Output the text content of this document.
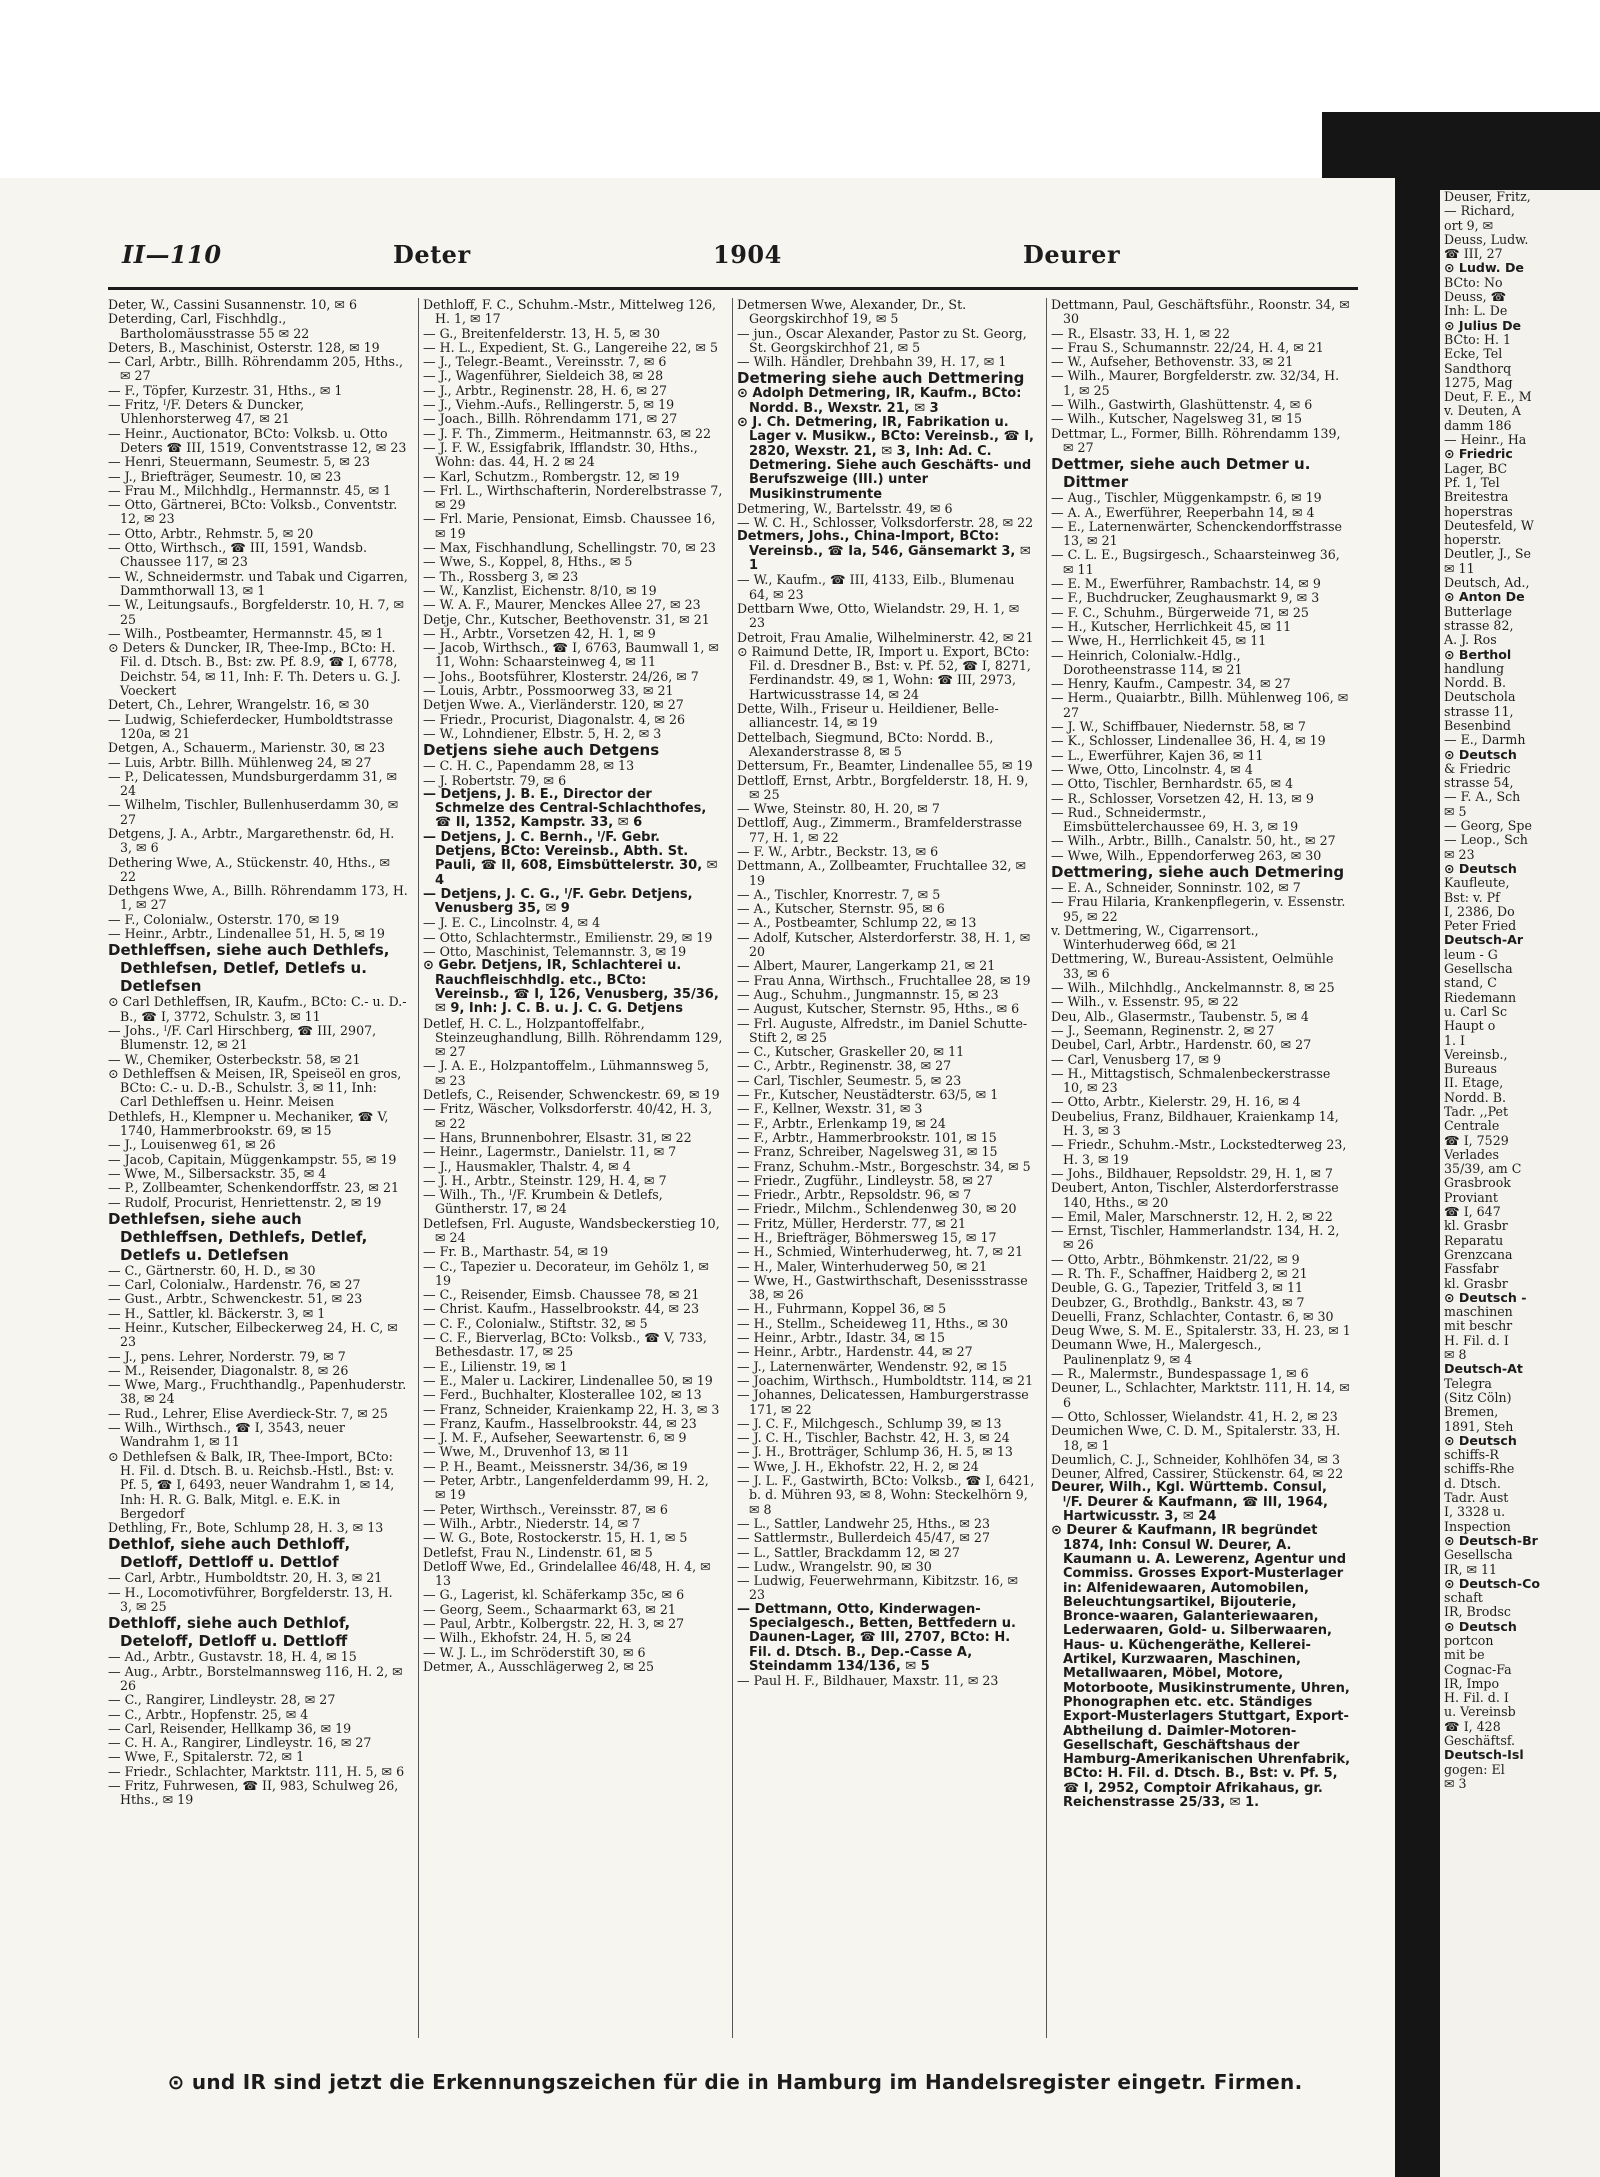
II—110	Deter	1904	Deurer

Deter, W., Cassini Susannenstr. 10, ✉ 6

Deterding, Carl, Fischhdlg., Bartholomäusstrasse 55 ✉ 22

Deters, B., Maschinist, Osterstr. 128, ✉ 19

— Carl, Arbtr., Billh. Röhrendamm 205, Hths., ✉ 27

— F., Töpfer, Kurzestr. 31, Hths., ✉ 1

— Fritz, ᴵ/F. Deters & Duncker, Uhlenhorsterweg 47, ✉ 21

— Heinr., Auctionator, BCto: Volksb. u. Otto Deters ☎ III, 1519, Conventstrasse 12, ✉ 23

— Henri, Steuermann, Seumestr. 5, ✉ 23

— J., Briefträger, Seumestr. 10, ✉ 23

— Frau M., Milchhdlg., Hermannstr. 45, ✉ 1

— Otto, Gärtnerei, BCto: Volksb., Conventstr. 12, ✉ 23

— Otto, Arbtr., Rehmstr. 5, ✉ 20

— Otto, Wirthsch., ☎ III, 1591, Wandsb. Chaussee 117, ✉ 23

— W., Schneidermstr. und Tabak und Cigarren, Dammthorwall 13, ✉ 1

— W., Leitungsaufs., Borgfelderstr. 10, H. 7, ✉ 25

— Wilh., Postbeamter, Hermannstr. 45, ✉ 1

⊙ Deters & Duncker, IR, Thee-Imp., BCto: H. Fil. d. Dtsch. B., Bst: zw. Pf. 8.9, ☎ I, 6778, Deichstr. 54, ✉ 11, Inh: F. Th. Deters u. G. J. Voeckert

Detert, Ch., Lehrer, Wrangelstr. 16, ✉ 30

— Ludwig, Schieferdecker, Humboldtstrasse 120a, ✉ 21

Detgen, A., Schauerm., Marienstr. 30, ✉ 23

— Luis, Arbtr. Billh. Mühlenweg 24, ✉ 27

— P., Delicatessen, Mundsburgerdamm 31, ✉ 24

— Wilhelm, Tischler, Bullenhuserdamm 30, ✉ 27

Detgens, J. A., Arbtr., Margarethenstr. 6d, H. 3, ✉ 6

Dethering Wwe, A., Stückenstr. 40, Hths., ✉ 22

Dethgens Wwe, A., Billh. Röhrendamm 173, H. 1, ✉ 27

— F., Colonialw., Osterstr. 170, ✉ 19

— Heinr., Arbtr., Lindenallee 51, H. 5, ✉ 19

Dethleffsen, siehe auch Dethlefs, Dethlefsen, Detlef, Detlefs u. Detlefsen

⊙ Carl Dethleffsen, IR, Kaufm., BCto: C.- u. D.-B., ☎ I, 3772, Schulstr. 3, ✉ 11

— Johs., ᴵ/F. Carl Hirschberg, ☎ III, 2907, Blumenstr. 12, ✉ 21

— W., Chemiker, Osterbeckstr. 58, ✉ 21

⊙ Dethleffsen & Meisen, IR, Speiseöl en gros, BCto: C.- u. D.-B., Schulstr. 3, ✉ 11, Inh: Carl Dethleffsen u. Heinr. Meisen

Dethlefs, H., Klempner u. Mechaniker, ☎ V, 1740, Hammerbrookstr. 69, ✉ 15

— J., Louisenweg 61, ✉ 26

— Jacob, Capitain, Müggenkampstr. 55, ✉ 19

— Wwe, M., Silbersackstr. 35, ✉ 4

— P., Zollbeamter, Schenkendorffstr. 23, ✉ 21

— Rudolf, Procurist, Henriettenstr. 2, ✉ 19

Dethlefsen, siehe auch Dethleffsen, Dethlefs, Detlef, Detlefs u. Detlefsen

— C., Gärtnerstr. 60, H. D., ✉ 30

— Carl, Colonialw., Hardenstr. 76, ✉ 27

— Gust., Arbtr., Schwenckestr. 51, ✉ 23

— H., Sattler, kl. Bäckerstr. 3, ✉ 1

— Heinr., Kutscher, Eilbeckerweg 24, H. C, ✉ 23

— J., pens. Lehrer, Norderstr. 79, ✉ 7

— M., Reisender, Diagonalstr. 8, ✉ 26

— Wwe, Marg., Fruchthandlg., Papenhuderstr. 38, ✉ 24

— Rud., Lehrer, Elise Averdieck-Str. 7, ✉ 25

— Wilh., Wirthsch., ☎ I, 3543, neuer Wandrahm 1, ✉ 11

⊙ Dethlefsen & Balk, IR, Thee-Import, BCto: H. Fil. d. Dtsch. B. u. Reichsb.-Hstl., Bst: v. Pf. 5, ☎ I, 6493, neuer Wandrahm 1, ✉ 14, Inh: H. R. G. Balk, Mitgl. e. E.K. in Bergedorf

Dethling, Fr., Bote, Schlump 28, H. 3, ✉ 13

Dethlof, siehe auch Dethloff, Detloff, Dettloff u. Dettlof

— Carl, Arbtr., Humboldtstr. 20, H. 3, ✉ 21

— H., Locomotivführer, Borgfelderstr. 13, H. 3, ✉ 25

Dethloff, siehe auch Dethlof, Deteloff, Detloff u. Dettloff

— Ad., Arbtr., Gustavstr. 18, H. 4, ✉ 15

— Aug., Arbtr., Borstelmannsweg 116, H. 2, ✉ 26

— C., Rangirer, Lindleystr. 28, ✉ 27

— C., Arbtr., Hopfenstr. 25, ✉ 4

— Carl, Reisender, Hellkamp 36, ✉ 19

— C. H. A., Rangirer, Lindleystr. 16, ✉ 27

— Wwe, F., Spitalerstr. 72, ✉ 1

— Friedr., Schlachter, Marktstr. 111, H. 5, ✉ 6

— Fritz, Fuhrwesen, ☎ II, 983, Schulweg 26, Hths., ✉ 19

Dethloff, F. C., Schuhm.-Mstr., Mittelweg 126, H. 1, ✉ 17

— G., Breitenfelderstr. 13, H. 5, ✉ 30

— H. L., Expedient, St. G., Langereihe 22, ✉ 5

— J., Telegr.-Beamt., Vereinsstr. 7, ✉ 6

— J., Wagenführer, Sieldeich 38, ✉ 28

— J., Arbtr., Reginenstr. 28, H. 6, ✉ 27

— J., Viehm.-Aufs., Rellingerstr. 5, ✉ 19

— Joach., Billh. Röhrendamm 171, ✉ 27

— J. F. Th., Zimmerm., Heitmannstr. 63, ✉ 22

— J. F. W., Essigfabrik, Ifflandstr. 30, Hths., Wohn: das. 44, H. 2 ✉ 24

— Karl, Schutzm., Rombergstr. 12, ✉ 19

— Frl. L., Wirthschafterin, Norderelbstrasse 7, ✉ 29

— Frl. Marie, Pensionat, Eimsb. Chaussee 16, ✉ 19

— Max, Fischhandlung, Schellingstr. 70, ✉ 23

— Wwe, S., Koppel, 8, Hths., ✉ 5

— Th., Rossberg 3, ✉ 23

— W., Kanzlist, Eichenstr. 8/10, ✉ 19

— W. A. F., Maurer, Menckes Allee 27, ✉ 23

Detje, Chr., Kutscher, Beethovenstr. 31, ✉ 21

— H., Arbtr., Vorsetzen 42, H. 1, ✉ 9

— Jacob, Wirthsch., ☎ I, 6763, Baumwall 1, ✉ 11, Wohn: Schaarsteinweg 4, ✉ 11

— Johs., Bootsführer, Klosterstr. 24/26, ✉ 7

— Louis, Arbtr., Possmoorweg 33, ✉ 21

Detjen Wwe. A., Vierländerstr. 120, ✉ 27

— Friedr., Procurist, Diagonalstr. 4, ✉ 26

— W., Lohndiener, Elbstr. 5, H. 2, ✉ 3

Detjens siehe auch Detgens

— C. H. C., Papendamm 28, ✉ 13

— J. Robertstr. 79, ✉ 6

— Detjens, J. B. E., Director der Schmelze des Central-Schlachthofes, ☎ II, 1352, Kampstr. 33, ✉ 6

— Detjens, J. C. Bernh., ᴵ/F. Gebr. Detjens, BCto: Vereinsb., Abth. St. Pauli, ☎ II, 608, Eimsbüttelerstr. 30, ✉ 4

— Detjens, J. C. G., ᴵ/F. Gebr. Detjens, Venusberg 35, ✉ 9

— J. E. C., Lincolnstr. 4, ✉ 4

— Otto, Schlachtermstr., Emilienstr. 29, ✉ 19

— Otto, Maschinist, Telemannstr. 3, ✉ 19

⊙ Gebr. Detjens, IR, Schlachterei u. Rauchfleischhdlg. etc., BCto: Vereinsb., ☎ I, 126, Venusberg, 35/36, ✉ 9, Inh: J. C. B. u. J. C. G. Detjens

Detlef, H. C. L., Holzpantoffelfabr., Steinzeughandlung, Billh. Röhrendamm 129, ✉ 27

— J. A. E., Holzpantoffelm., Lühmannsweg 5, ✉ 23

Detlefs, C., Reisender, Schwenckestr. 69, ✉ 19

— Fritz, Wäscher, Volksdorferstr. 40/42, H. 3, ✉ 22

— Hans, Brunnenbohrer, Elsastr. 31, ✉ 22

— Heinr., Lagermstr., Danielstr. 11, ✉ 7

— J., Hausmakler, Thalstr. 4, ✉ 4

— J. H., Arbtr., Steinstr. 129, H. 4, ✉ 7

— Wilh., Th., ᴵ/F. Krumbein & Detlefs, Güntherstr. 17, ✉ 24

Detlefsen, Frl. Auguste, Wandsbeckerstieg 10, ✉ 24

— Fr. B., Marthastr. 54, ✉ 19

— C., Tapezier u. Decorateur, im Gehölz 1, ✉ 19

— C., Reisender, Eimsb. Chaussee 78, ✉ 21

— Christ. Kaufm., Hasselbrookstr. 44, ✉ 23

— C. F., Colonialw., Stiftstr. 32, ✉ 5

— C. F., Bierverlag, BCto: Volksb., ☎ V, 733, Bethesdastr. 17, ✉ 25

— E., Lilienstr. 19, ✉ 1

— E., Maler u. Lackirer, Lindenallee 50, ✉ 19

— Ferd., Buchhalter, Klosterallee 102, ✉ 13

— Franz, Schneider, Kraienkamp 22, H. 3, ✉ 3

— Franz, Kaufm., Hasselbrookstr. 44, ✉ 23

— J. M. F., Aufseher, Seewartenstr. 6, ✉ 9

— Wwe, M., Druvenhof 13, ✉ 11

— P. H., Beamt., Meissnerstr. 34/36, ✉ 19

— Peter, Arbtr., Langenfelderdamm 99, H. 2, ✉ 19

— Peter, Wirthsch., Vereinsstr. 87, ✉ 6

— Wilh., Arbtr., Niederstr. 14, ✉ 7

— W. G., Bote, Rostockerstr. 15, H. 1, ✉ 5

Detlefst, Frau N., Lindenstr. 61, ✉ 5

Detloff Wwe, Ed., Grindelallee 46/48, H. 4, ✉ 13

— G., Lagerist, kl. Schäferkamp 35c, ✉ 6

— Georg, Seem., Schaarmarkt 63, ✉ 21

— Paul, Arbtr., Kolbergstr. 22, H. 3, ✉ 27

— Wilh., Ekhofstr. 24, H. 5, ✉ 24

— W. J. L., im Schröderstift 30, ✉ 6

Detmer, A., Ausschlägerweg 2, ✉ 25

Detmersen Wwe, Alexander, Dr., St. Georgskirchhof 19, ✉ 5

— jun., Oscar Alexander, Pastor zu St. Georg, St. Georgskirchhof 21, ✉ 5

— Wilh. Händler, Drehbahn 39, H. 17, ✉ 1

Detmering siehe auch Dettmering

⊙ Adolph Detmering, IR, Kaufm., BCto: Nordd. B., Wexstr. 21, ✉ 3

⊙ J. Ch. Detmering, IR, Fabrikation u. Lager v. Musikw., BCto: Vereinsb., ☎ I, 2820, Wexstr. 21, ✉ 3, Inh: Ad. C. Detmering. Siehe auch Geschäfts- und Berufszweige (III.) unter Musikinstrumente

Detmering, W., Bartelsstr. 49, ✉ 6

— W. C. H., Schlosser, Volksdorferstr. 28, ✉ 22

Detmers, Johs., China-Import, BCto: Vereinsb., ☎ Ia, 546, Gänsemarkt 3, ✉ 1

— W., Kaufm., ☎ III, 4133, Eilb., Blumenau 64, ✉ 23

Dettbarn Wwe, Otto, Wielandstr. 29, H. 1, ✉ 23

Detroit, Frau Amalie, Wilhelminerstr. 42, ✉ 21

⊙ Raimund Dette, IR, Import u. Export, BCto: Fil. d. Dresdner B., Bst: v. Pf. 52, ☎ I, 8271, Ferdinandstr. 49, ✉ 1, Wohn: ☎ III, 2973, Hartwicusstrasse 14, ✉ 24

Dette, Wilh., Friseur u. Heildiener, Belle-alliancestr. 14, ✉ 19

Dettelbach, Siegmund, BCto: Nordd. B., Alexanderstrasse 8, ✉ 5

Dettersum, Fr., Beamter, Lindenallee 55, ✉ 19

Dettloff, Ernst, Arbtr., Borgfelderstr. 18, H. 9, ✉ 25

— Wwe, Steinstr. 80, H. 20, ✉ 7

Dettloff, Aug., Zimmerm., Bramfelderstrasse 77, H. 1, ✉ 22

— F. W., Arbtr., Beckstr. 13, ✉ 6

Dettmann, A., Zollbeamter, Fruchtallee 32, ✉ 19

— A., Tischler, Knorrestr. 7, ✉ 5

— A., Kutscher, Sternstr. 95, ✉ 6

— A., Postbeamter, Schlump 22, ✉ 13

— Adolf, Kutscher, Alsterdorferstr. 38, H. 1, ✉ 20

— Albert, Maurer, Langerkamp 21, ✉ 21

— Frau Anna, Wirthsch., Fruchtallee 28, ✉ 19

— Aug., Schuhm., Jungmannstr. 15, ✉ 23

— August, Kutscher, Sternstr. 95, Hths., ✉ 6

— Frl. Auguste, Alfredstr., im Daniel Schutte-Stift 2, ✉ 25

— C., Kutscher, Graskeller 20, ✉ 11

— C., Arbtr., Reginenstr. 38, ✉ 27

— Carl, Tischler, Seumestr. 5, ✉ 23

— Fr., Kutscher, Neustädterstr. 63/5, ✉ 1

— F., Kellner, Wexstr. 31, ✉ 3

— F., Arbtr., Erlenkamp 19, ✉ 24

— F., Arbtr., Hammerbrookstr. 101, ✉ 15

— Franz, Schreiber, Nagelsweg 31, ✉ 15

— Franz, Schuhm.-Mstr., Borgeschstr. 34, ✉ 5

— Friedr., Zugführ., Lindleystr. 58, ✉ 27

— Friedr., Arbtr., Repsoldstr. 96, ✉ 7

— Friedr., Milchm., Schlendenweg 30, ✉ 20

— Fritz, Müller, Herderstr. 77, ✉ 21

— H., Briefträger, Böhmersweg 15, ✉ 17

— H., Schmied, Winterhuderweg, ht. 7, ✉ 21

— H., Maler, Winterhuderweg 50, ✉ 21

— Wwe, H., Gastwirthschaft, Desenissstrasse 38, ✉ 26

— H., Fuhrmann, Koppel 36, ✉ 5

— H., Stellm., Scheideweg 11, Hths., ✉ 30

— Heinr., Arbtr., Idastr. 34, ✉ 15

— Heinr., Arbtr., Hardenstr. 44, ✉ 27

— J., Laternenwärter, Wendenstr. 92, ✉ 15

— Joachim, Wirthsch., Humboldtstr. 114, ✉ 21

— Johannes, Delicatessen, Hamburgerstrasse 171, ✉ 22

— J. C. F., Milchgesch., Schlump 39, ✉ 13

— J. C. H., Tischler, Bachstr. 42, H. 3, ✉ 24

— J. H., Brotträger, Schlump 36, H. 5, ✉ 13

— Wwe, J. H., Ekhofstr. 22, H. 2, ✉ 24

— J. L. F., Gastwirth, BCto: Volksb., ☎ I, 6421, b. d. Mühren 93, ✉ 8, Wohn: Steckelhörn 9, ✉ 8

— L., Sattler, Landwehr 25, Hths., ✉ 23

— Sattlermstr., Bullerdeich 45/47, ✉ 27

— L., Sattler, Brackdamm 12, ✉ 27

— Ludw., Wrangelstr. 90, ✉ 30

— Ludwig, Feuerwehrmann, Kibitzstr. 16, ✉ 23

— Dettmann, Otto, Kinderwagen-Specialgesch., Betten, Bettfedern u. Daunen-Lager, ☎ III, 2707, BCto: H. Fil. d. Dtsch. B., Dep.-Casse A, Steindamm 134/136, ✉ 5

— Paul H. F., Bildhauer, Maxstr. 11, ✉ 23

Dettmann, Paul, Geschäftsführ., Roonstr. 34, ✉ 30

— R., Elsastr. 33, H. 1, ✉ 22

— Frau S., Schumannstr. 22/24, H. 4, ✉ 21

— W., Aufseher, Bethovenstr. 33, ✉ 21

— Wilh., Maurer, Borgfelderstr. zw. 32/34, H. 1, ✉ 25

— Wilh., Gastwirth, Glashüttenstr. 4, ✉ 6

— Wilh., Kutscher, Nagelsweg 31, ✉ 15

Dettmar, L., Former, Billh. Röhrendamm 139, ✉ 27

Dettmer, siehe auch Detmer u. Dittmer

— Aug., Tischler, Müggenkampstr. 6, ✉ 19

— A. A., Ewerführer, Reeperbahn 14, ✉ 4

— E., Laternenwärter, Schenckendorffstrasse 13, ✉ 21

— C. L. E., Bugsirgesch., Schaarsteinweg 36, ✉ 11

— E. M., Ewerführer, Rambachstr. 14, ✉ 9

— F., Buchdrucker, Zeughausmarkt 9, ✉ 3

— F. C., Schuhm., Bürgerweide 71, ✉ 25

— H., Kutscher, Herrlichkeit 45, ✉ 11

— Wwe, H., Herrlichkeit 45, ✉ 11

— Heinrich, Colonialw.-Hdlg., Dorotheenstrasse 114, ✉ 21

— Henry, Kaufm., Campestr. 34, ✉ 27

— Herm., Quaiarbtr., Billh. Mühlenweg 106, ✉ 27

— J. W., Schiffbauer, Niedernstr. 58, ✉ 7

— K., Schlosser, Lindenallee 36, H. 4, ✉ 19

— L., Ewerführer, Kajen 36, ✉ 11

— Wwe, Otto, Lincolnstr. 4, ✉ 4

— Otto, Tischler, Bernhardstr. 65, ✉ 4

— R., Schlosser, Vorsetzen 42, H. 13, ✉ 9

— Rud., Schneidermstr., Eimsbüttelerchaussee 69, H. 3, ✉ 19

— Wilh., Arbtr., Billh., Canalstr. 50, ht., ✉ 27

— Wwe, Wilh., Eppendorferweg 263, ✉ 30

Dettmering, siehe auch Detmering

— E. A., Schneider, Sonninstr. 102, ✉ 7

— Frau Hilaria, Krankenpflegerin, v. Essenstr. 95, ✉ 22

v. Dettmering, W., Cigarrensort., Winterhuderweg 66d, ✉ 21

Dettmering, W., Bureau-Assistent, Oelmühle 33, ✉ 6

— Wilh., Milchhdlg., Anckelmannstr. 8, ✉ 25

— Wilh., v. Essenstr. 95, ✉ 22

Deu, Alb., Glasermstr., Taubenstr. 5, ✉ 4

— J., Seemann, Reginenstr. 2, ✉ 27

Deubel, Carl, Arbtr., Hardenstr. 60, ✉ 27

— Carl, Venusberg 17, ✉ 9

— H., Mittagstisch, Schmalenbeckerstrasse 10, ✉ 23

— Otto, Arbtr., Kielerstr. 29, H. 16, ✉ 4

Deubelius, Franz, Bildhauer, Kraienkamp 14, H. 3, ✉ 3

— Friedr., Schuhm.-Mstr., Lockstedterweg 23, H. 3, ✉ 19

— Johs., Bildhauer, Repsoldstr. 29, H. 1, ✉ 7

Deubert, Anton, Tischler, Alsterdorferstrasse 140, Hths., ✉ 20

— Emil, Maler, Marschnerstr. 12, H. 2, ✉ 22

— Ernst, Tischler, Hammerlandstr. 134, H. 2, ✉ 26

— Otto, Arbtr., Böhmkenstr. 21/22, ✉ 9

— R. Th. F., Schaffner, Haidberg 2, ✉ 21

Deuble, G. G., Tapezier, Tritfeld 3, ✉ 11

Deubzer, G., Brothdlg., Bankstr. 43, ✉ 7

Deuelli, Franz, Schlachter, Contastr. 6, ✉ 30

Deug Wwe, S. M. E., Spitalerstr. 33, H. 23, ✉ 1

Deumann Wwe, H., Malergesch., Paulinenplatz 9, ✉ 4

— R., Malermstr., Bundespassage 1, ✉ 6

Deuner, L., Schlachter, Marktstr. 111, H. 14, ✉ 6

— Otto, Schlosser, Wielandstr. 41, H. 2, ✉ 23

Deumichen Wwe, C. D. M., Spitalerstr. 33, H. 18, ✉ 1

Deumlich, C. J., Schneider, Kohlhöfen 34, ✉ 3

Deuner, Alfred, Cassirer, Stückenstr. 64, ✉ 22

Deurer, Wilh., Kgl. Württemb. Consul, ᴵ/F. Deurer & Kaufmann, ☎ III, 1964, Hartwicusstr. 3, ✉ 24

⊙ Deurer & Kaufmann, IR begründet 1874, Inh: Consul W. Deurer, A. Kaumann u. A. Lewerenz, Agentur und Commiss. Grosses Export-Musterlager in: Alfenidewaaren, Automobilen, Beleuchtungsartikel, Bijouterie, Bronce-waaren, Galanteriewaaren, Lederwaaren, Gold- u. Silberwaaren, Haus- u. Küchengeräthe, Kellerei-Artikel, Kurzwaaren, Maschinen, Metallwaaren, Möbel, Motore, Motorboote, Musikinstrumente, Uhren, Phonographen etc. etc. Ständiges Export-Musterlagers Stuttgart, Export-Abtheilung d. Daimler-Motoren-Gesellschaft, Geschäftshaus der Hamburg-Amerikanischen Uhrenfabrik, BCto: H. Fil. d. Dtsch. B., Bst: v. Pf. 5, ☎ I, 2952, Comptoir Afrikahaus, gr. Reichenstrasse 25/33, ✉ 1.

⊙ und IR sind jetzt die Erkennungszeichen für die in Hamburg im Handelsregister eingetr. Firmen.
Deuser, Fritz,
— Richard,
ort 9, ✉
Deuss, Ludw.
☎ III, 27
⊙ Ludw. De
BCto: No
Deuss, ☎
Inh: L. De
⊙ Julius De
BCto: H. 1
Ecke, Tel
Sandthorq
1275, Mag
Deut, F. E., M
v. Deuten, A
damm 186
— Heinr., Ha
⊙ Friedric
Lager, BC
Pf. 1, Tel
Breitestra
hoperstras
Deutesfeld, W
hoperstr.
Deutler, J., Se
✉ 11
Deutsch, Ad.,
⊙ Anton De
Butterlage
strasse 82,
A. J. Ros
⊙ Berthol
handlung
Nordd. B.
Deutschola
strasse 11,
Besenbind
— E., Darmh
⊙ Deutsch
& Friedric
strasse 54,
— F. A., Sch
✉ 5
— Georg, Spe
— Leop., Sch
✉ 23
⊙ Deutsch
Kaufleute,
Bst: v. Pf
I, 2386, Do
Peter Fried
Deutsch-Ar
leum - G
Gesellscha
stand, C
Riedemann
u. Carl Sc
Haupt o
1. I
Vereinsb.,
Bureaus
II. Etage,
Nordd. B.
Tadr. ,,Pet
Centrale
☎ I, 7529
Verlades
35/39, am C
Grasbrook
Proviant
☎ I, 647
kl. Grasbr
Reparatu
Grenzcana
Fassfabr
kl. Grasbr
⊙ Deutsch -
maschinen
mit beschr
H. Fil. d. I
✉ 8
Deutsch-At
Telegra
(Sitz Cöln)
Bremen,
1891, Steh
⊙ Deutsch
schiffs-R
schiffs-Rhe
d. Dtsch.
Tadr. Aust
I, 3328 u.
Inspection
⊙ Deutsch-Br
Gesellscha
IR, ✉ 11
⊙ Deutsch-Co
schaft
IR, Brodsc
⊙ Deutsch
portcon
mit be
Cognac-Fa
IR, Impo
H. Fil. d. I
u. Vereinsb
☎ I, 428
Geschäftsf.
Deutsch-Isl
gogen: El
✉ 3
